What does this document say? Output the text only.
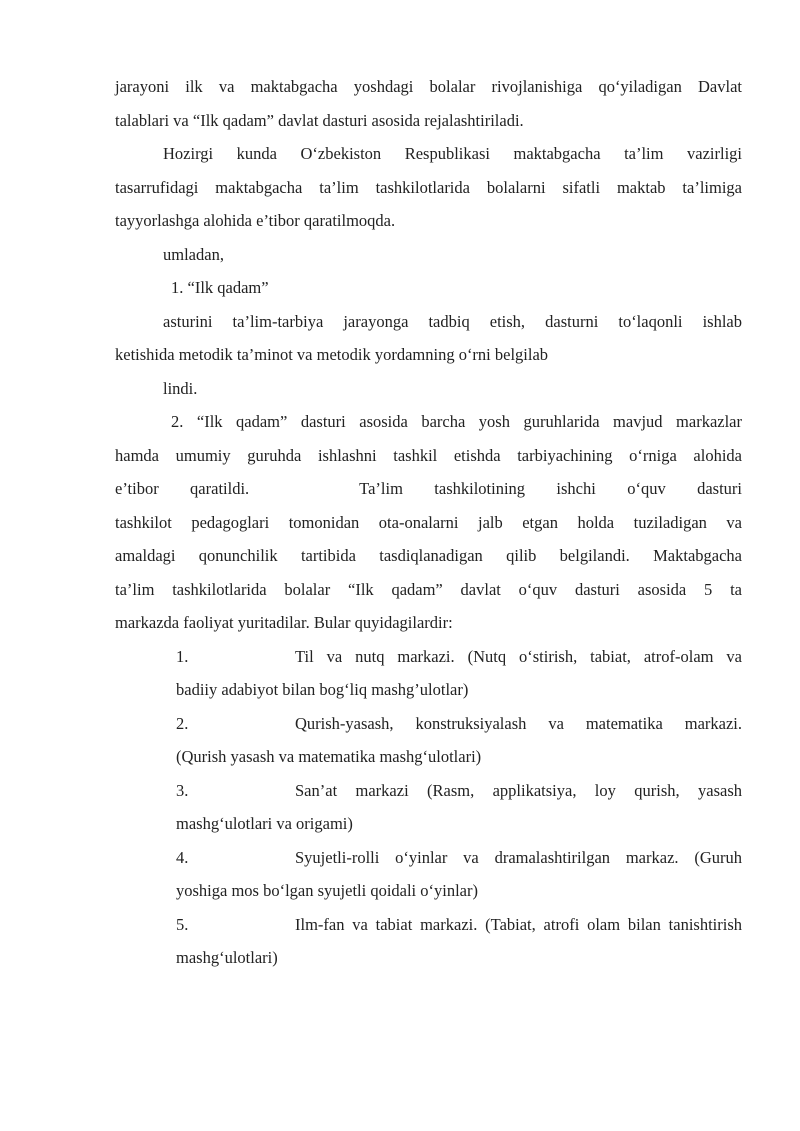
jarayoni ilk va maktabgacha yoshdagi bolalar rivojlanishiga qo‘yiladigan Davlat

talablari va “Ilk qadam” davlat dasturi asosida rejalashtiriladi.

Hozirgi kunda O‘zbekiston Respublikasi maktabgacha ta’lim vazirligi

tasarrufidagi maktabgacha ta’lim tashkilotlarida bolalarni sifatli maktab ta’limiga

tayyorlashga alohida e’tibor qaratilmoqda.

umladan,

1. “Ilk qadam”

asturini ta’lim-tarbiya jarayonga tadbiq etish, dasturni to‘laqonli ishlab

ketishida metodik ta’minot va metodik yordamning o‘rni belgilab

lindi.

2. “Ilk qadam” dasturi asosida barcha yosh guruhlarida mavjud markazlar

hamda umumiy guruhda ishlashni tashkil etishda tarbiyachining o‘rniga alohida

e’tibor qaratildi.	Ta’lim tashkilotining ishchi o‘quv dasturi

tashkilot pedagoglari tomonidan ota-onalarni jalb etgan holda tuziladigan va

amaldagi qonunchilik tartibida tasdiqlanadigan qilib belgilandi. Maktabgacha

ta’lim tashkilotlarida bolalar “Ilk qadam” davlat o‘quv dasturi asosida 5 ta

markazda faoliyat yuritadilar. Bular quyidagilardir:

1.	Til va nutq markazi. (Nutq o‘stirish, tabiat, atrof-olam va

badiiy adabiyot bilan bog‘liq mashg’ulotlar)

2.	Qurish-yasash, konstruksiyalash va matematika markazi.

(Qurish yasash va matematika mashg‘ulotlari)

3.	San’at markazi (Rasm, applikatsiya, loy qurish, yasash

mashg‘ulotlari va origami)

4.	Syujetli-rolli o‘yinlar va dramalashtirilgan markaz. (Guruh

yoshiga mos bo‘lgan syujetli qoidali o‘yinlar)

5.	Ilm-fan va tabiat markazi. (Tabiat, atrofi olam bilan tanishtirish

mashg‘ulotlari)
